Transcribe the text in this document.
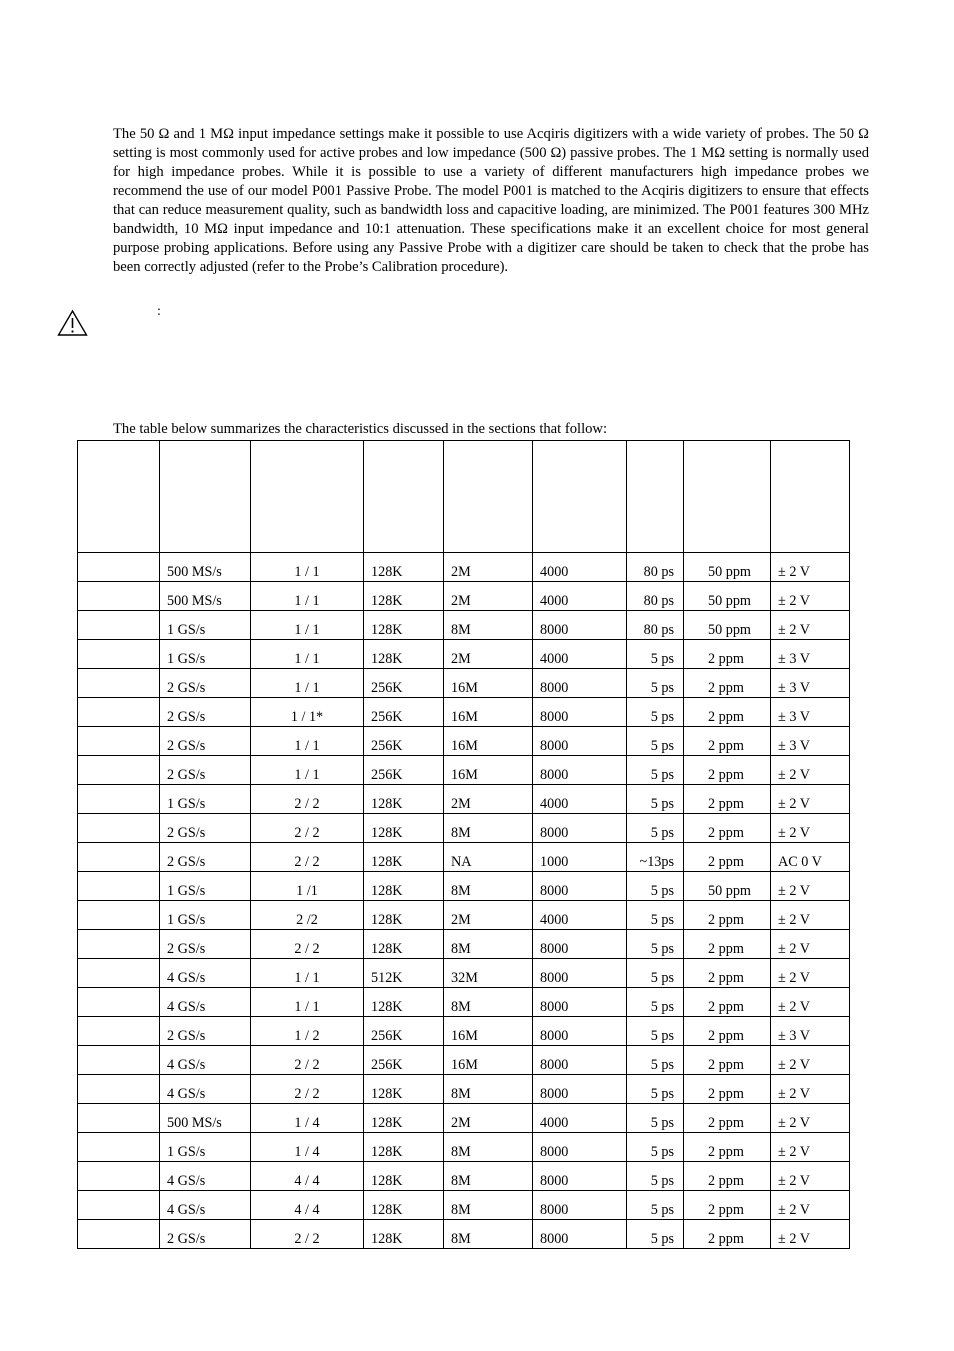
The 50 Ω and 1 MΩ input impedance settings make it possible to use Acqiris digitizers with a wide variety of probes. The 50 Ω setting is most commonly used for active probes and low impedance (500 Ω) passive probes. The 1 MΩ setting is normally used for high impedance probes. While it is possible to use a variety of different manufacturers high impedance probes we recommend the use of our model P001 Passive Probe. The model P001 is matched to the Acqiris digitizers to ensure that effects that can reduce measurement quality, such as bandwidth loss and capacitive loading, are minimized. The P001 features 300 MHz bandwidth, 10 MΩ input impedance and 10:1 attenuation. These specifications make it an excellent choice for most general purpose probing applications. Before using any Passive Probe with a digitizer care should be taken to check that the probe has been correctly adjusted (refer to the Probe’s Calibration procedure).

:
The table below summarizes the characteristics discussed in the sections that follow:

	500 MS/s	1 / 1	128K	2M	4000	80 ps	50 ppm	± 2 V
	500 MS/s	1 / 1	128K	2M	4000	80 ps	50 ppm	± 2 V
	1 GS/s	1 / 1	128K	8M	8000	80 ps	50 ppm	± 2 V
	1 GS/s	1 / 1	128K	2M	4000	5 ps	2 ppm	± 3 V
	2 GS/s	1 / 1	256K	16M	8000	5 ps	2 ppm	± 3 V
	2 GS/s	1 / 1*	256K	16M	8000	5 ps	2 ppm	± 3 V
	2 GS/s	1 / 1	256K	16M	8000	5 ps	2 ppm	± 3 V
	2 GS/s	1 / 1	256K	16M	8000	5 ps	2 ppm	± 2 V
	1 GS/s	2 / 2	128K	2M	4000	5 ps	2 ppm	± 2 V
	2 GS/s	2 / 2	128K	8M	8000	5 ps	2 ppm	± 2 V
	2 GS/s	2 / 2	128K	NA	1000	~13ps	2 ppm	AC 0 V
	1 GS/s	1 /1	128K	8M	8000	5 ps	50 ppm	± 2 V
	1 GS/s	2 /2	128K	2M	4000	5 ps	2 ppm	± 2 V
	2 GS/s	2 / 2	128K	8M	8000	5 ps	2 ppm	± 2 V
	4 GS/s	1 / 1	512K	32M	8000	5 ps	2 ppm	± 2 V
	4 GS/s	1 / 1	128K	8M	8000	5 ps	2 ppm	± 2 V
	2 GS/s	1 / 2	256K	16M	8000	5 ps	2 ppm	± 3 V
	4 GS/s	2 / 2	256K	16M	8000	5 ps	2 ppm	± 2 V
	4 GS/s	2 / 2	128K	8M	8000	5 ps	2 ppm	± 2 V
	500 MS/s	1 / 4	128K	2M	4000	5 ps	2 ppm	± 2 V
	1 GS/s	1 / 4	128K	8M	8000	5 ps	2 ppm	± 2 V
	4 GS/s	4 / 4	128K	8M	8000	5 ps	2 ppm	± 2 V
	4 GS/s	4 / 4	128K	8M	8000	5 ps	2 ppm	± 2 V
	2 GS/s	2 / 2	128K	8M	8000	5 ps	2 ppm	± 2 V
